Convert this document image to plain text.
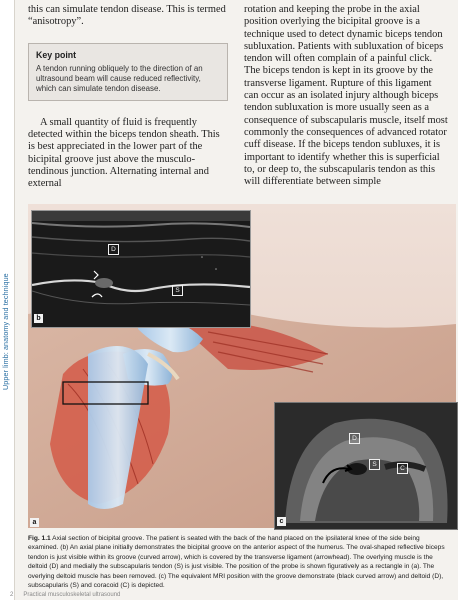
Upper limb: anatomy and technique

this can simulate tendon disease. This is termed “anisotropy”.

Key point
A tendon running obliquely to the direction of an ultrasound beam will cause reduced reflectivity, which can simulate tendon disease.

A small quantity of fluid is frequently detected within the biceps tendon sheath. This is best appreciated in the lower part of the bicipital groove just above the musculo-tendinous junction. Alternating internal and external

rotation and keeping the probe in the axial position overlying the bicipital groove is a technique used to detect dynamic biceps tendon subluxation. Patients with subluxation of biceps tendon will often complain of a painful click. The biceps tendon is kept in its groove by the transverse ligament. Rupture of this ligament can occur as an isolated injury although biceps tendon subluxation is more usually seen as a consequence of subscapularis muscle, itself most commonly the consequences of advanced rotator cuff disease. If the biceps tendon subluxes, it is important to identify whether this is superficial to, or deep to, the subscapularis tendon as this will differentiate between simple

a
D
S
b
D
S
C
c
Fig. 1.1 Axial section of bicipital groove. The patient is seated with the back of the hand placed on the ipsilateral knee of the side being examined. (b) An axial plane initially demonstrates the bicipital groove on the anterior aspect of the humerus. The oval-shaped reflective biceps tendon is just visible within its groove (curved arrow), which is covered by the transverse ligament (arrowhead). The overlying muscle is the deltoid (D) and medially the subscapularis tendon (S) is just visible. The position of the probe is shown figuratively as a rectangle in (a). The overlying deltoid muscle has been removed. (c) The equivalent MRI position with the groove demonstrate (black curved arrow) and deltoid (D), subscapularis (S) and coracoid (C) is depicted.
2 Practical musculoskeletal ultrasound
